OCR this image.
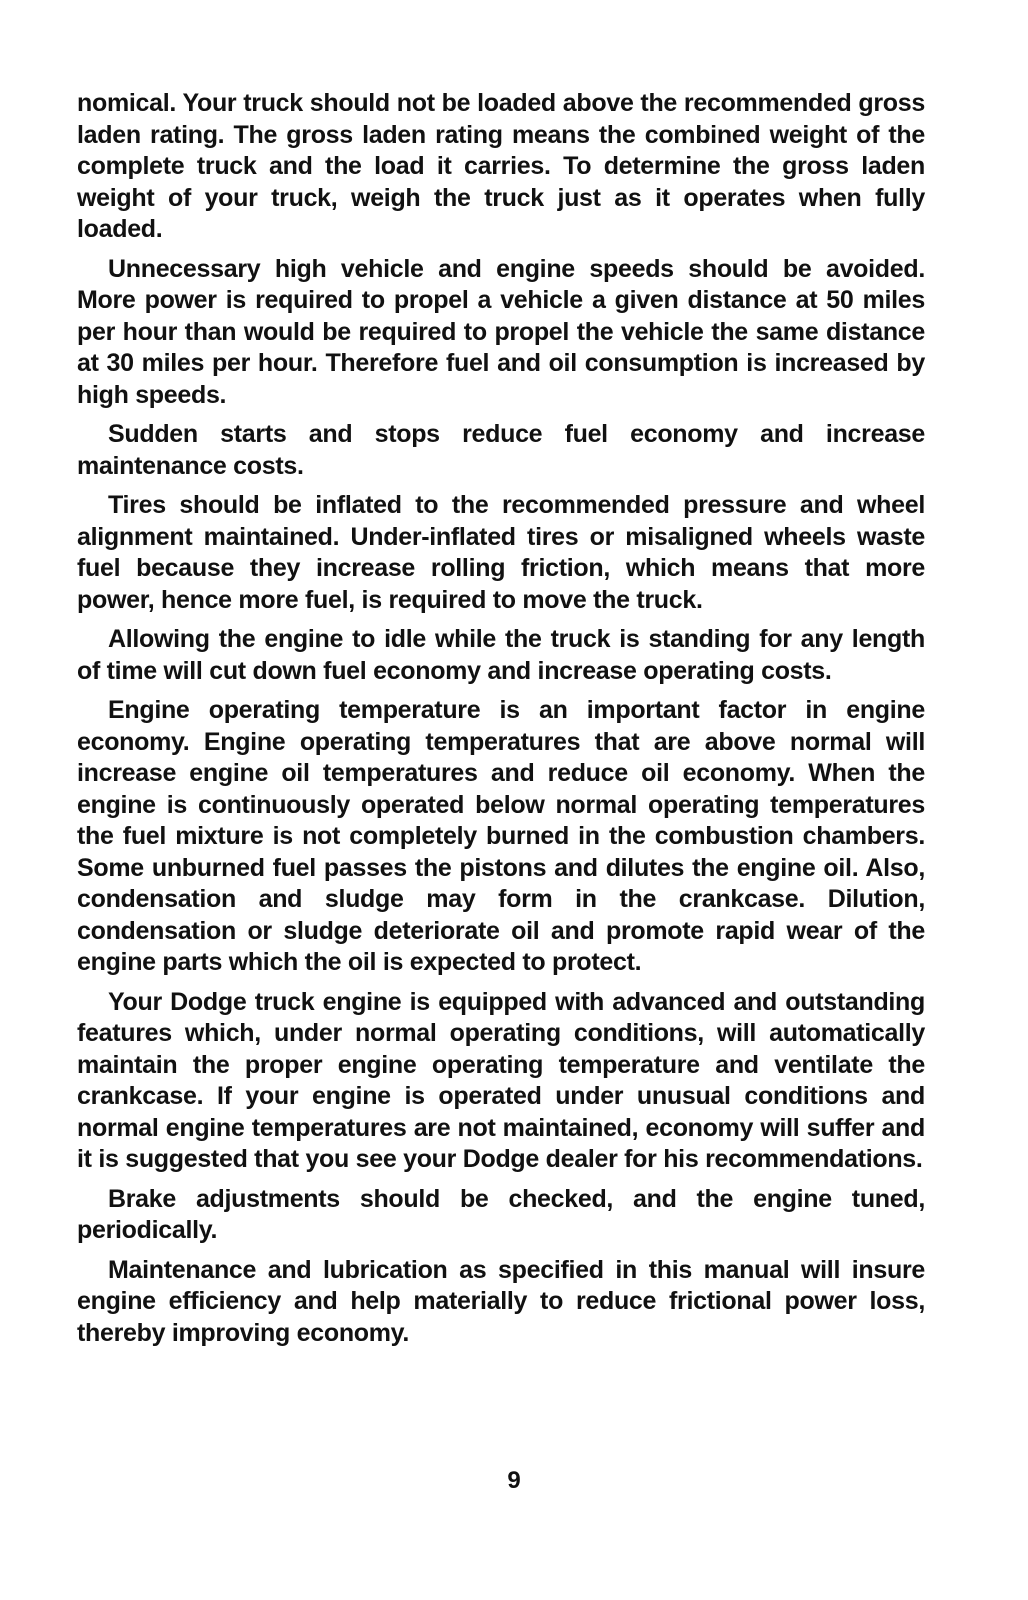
nomical. Your truck should not be loaded above the recommended gross laden rating. The gross laden rating means the combined weight of the complete truck and the load it carries. To determine the gross laden weight of your truck, weigh the truck just as it operates when fully loaded.

Unnecessary high vehicle and engine speeds should be avoided. More power is required to propel a vehicle a given distance at 50 miles per hour than would be required to propel the vehicle the same distance at 30 miles per hour. Therefore fuel and oil consumption is increased by high speeds.

Sudden starts and stops reduce fuel economy and increase maintenance costs.

Tires should be inflated to the recommended pressure and wheel alignment maintained. Under-inflated tires or misaligned wheels waste fuel because they increase rolling friction, which means that more power, hence more fuel, is required to move the truck.

Allowing the engine to idle while the truck is standing for any length of time will cut down fuel economy and increase operating costs.

Engine operating temperature is an important factor in engine economy. Engine operating temperatures that are above normal will increase engine oil temperatures and reduce oil economy. When the engine is continuously operated below normal operating temperatures the fuel mixture is not completely burned in the combustion chambers. Some unburned fuel passes the pistons and dilutes the engine oil. Also, condensation and sludge may form in the crankcase. Dilution, condensation or sludge deteriorate oil and promote rapid wear of the engine parts which the oil is expected to protect.

Your Dodge truck engine is equipped with advanced and outstanding features which, under normal operating conditions, will automatically maintain the proper engine operating temperature and ventilate the crankcase. If your engine is operated under unusual conditions and normal engine temperatures are not maintained, economy will suffer and it is suggested that you see your Dodge dealer for his recommendations.

Brake adjustments should be checked, and the engine tuned, periodically.

Maintenance and lubrication as specified in this manual will insure engine efficiency and help materially to reduce frictional power loss, thereby improving economy.

9
